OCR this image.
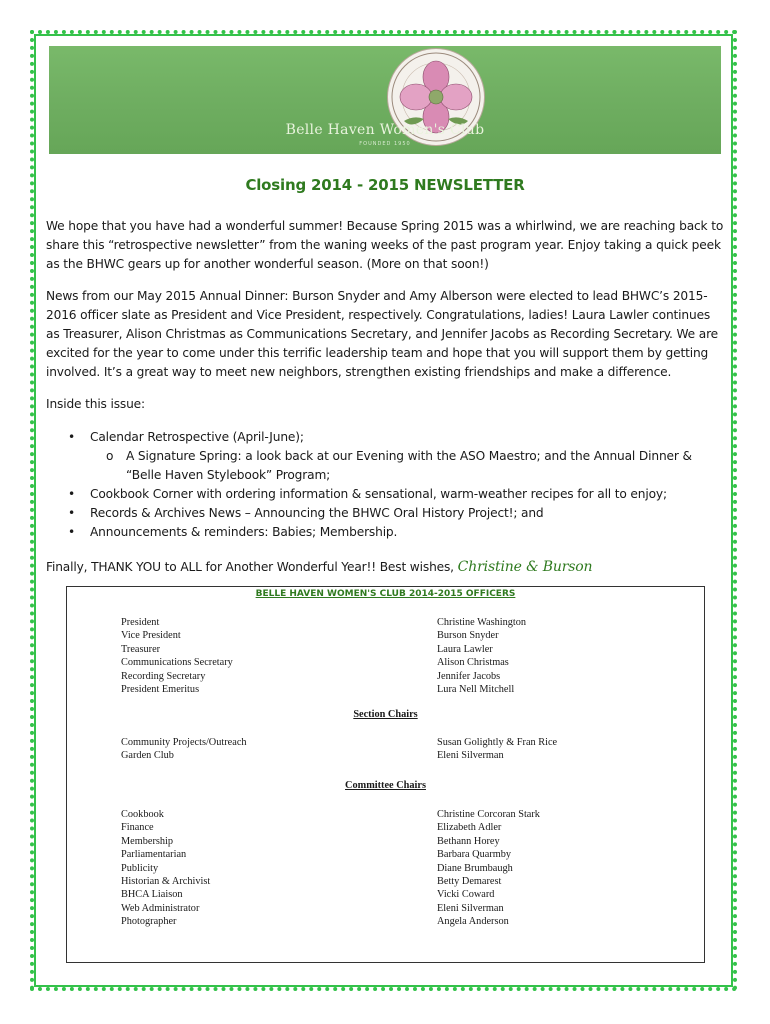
Belle Haven Women's Club
FOUNDED 1950
Closing 2014 - 2015 NEWSLETTER
We hope that you have had a wonderful summer! Because Spring 2015 was a whirlwind, we are reaching back to share this “retrospective newsletter” from the waning weeks of the past program year. Enjoy taking a quick peek as the BHWC gears up for another wonderful season. (More on that soon!)
News from our May 2015 Annual Dinner: Burson Snyder and Amy Alberson were elected to lead BHWC’s 2015-2016 officer slate as President and Vice President, respectively. Congratulations, ladies! Laura Lawler continues as Treasurer, Alison Christmas as Communications Secretary, and Jennifer Jacobs as Recording Secretary. We are excited for the year to come under this terrific leadership team and hope that you will support them by getting involved. It’s a great way to meet new neighbors, strengthen existing friendships and make a difference.
Inside this issue:
• Calendar Retrospective (April-June);
o A Signature Spring: a look back at our Evening with the ASO Maestro; and the Annual Dinner & “Belle Haven Stylebook” Program;
• Cookbook Corner with ordering information & sensational, warm-weather recipes for all to enjoy;
• Records & Archives News – Announcing the BHWC Oral History Project!; and
• Announcements & reminders: Babies; Membership.
Finally, THANK YOU to ALL for Another Wonderful Year!! Best wishes, Christine & Burson
BELLE HAVEN WOMEN'S CLUB 2014-2015 OFFICERS
President
Vice President
Treasurer
Communications Secretary
Recording Secretary
President Emeritus
Christine Washington
Burson Snyder
Laura Lawler
Alison Christmas
Jennifer Jacobs
Lura Nell Mitchell
Section Chairs
Community Projects/Outreach
Garden Club
Susan Golightly & Fran Rice
Eleni Silverman
Committee Chairs
Cookbook
Finance
Membership
Parliamentarian
Publicity
Historian & Archivist
BHCA Liaison
Web Administrator
Photographer
Christine Corcoran Stark
Elizabeth Adler
Bethann Horey
Barbara Quarmby
Diane Brumbaugh
Betty Demarest
Vicki Coward
Eleni Silverman
Angela Anderson
